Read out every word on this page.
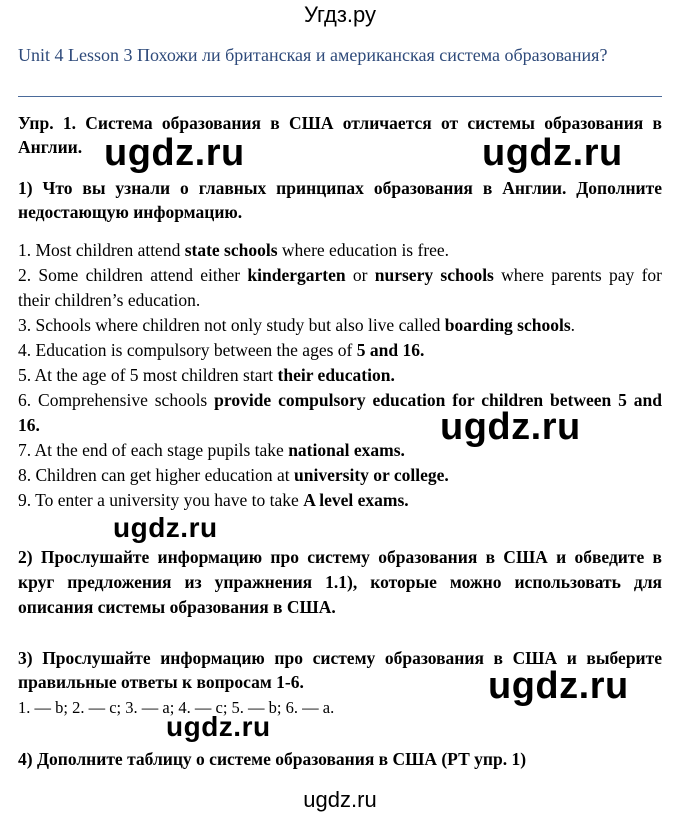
Угдз.ру
Unit 4 Lesson 3 Похожи ли британская и американская система образования?
Упр. 1. Система образования в США отличается от системы образования в Англии.
1) Что вы узнали о главных принципах образования в Англии. Дополните недостающую информацию.
1. Most children attend state schools where education is free.
2. Some children attend either kindergarten or nursery schools where parents pay for their children’s education.
3. Schools where children not only study but also live called boarding schools.
4. Education is compulsory between the ages of 5 and 16.
5. At the age of 5 most children start their education.
6. Comprehensive schools provide compulsory education for children between 5 and 16.
7. At the end of each stage pupils take national exams.
8. Children can get higher education at university or college.
9. To enter a university you have to take A level exams.
2) Прослушайте информацию про систему образования в США и обведите в круг предложения из упражнения 1.1), которые можно использовать для описания системы образования в США.
3) Прослушайте информацию про систему образования в США и выберите правильные ответы к вопросам 1-6.
1. — b; 2. — c; 3. — a; 4. — c; 5. — b; 6. — a.
4) Дополните таблицу о системе образования в США (РТ упр. 1)
ugdz.ru	ugdz.ru
ugdz.ru
ugdz.ru
ugdz.ru
ugdz.ru
ugdz.ru
